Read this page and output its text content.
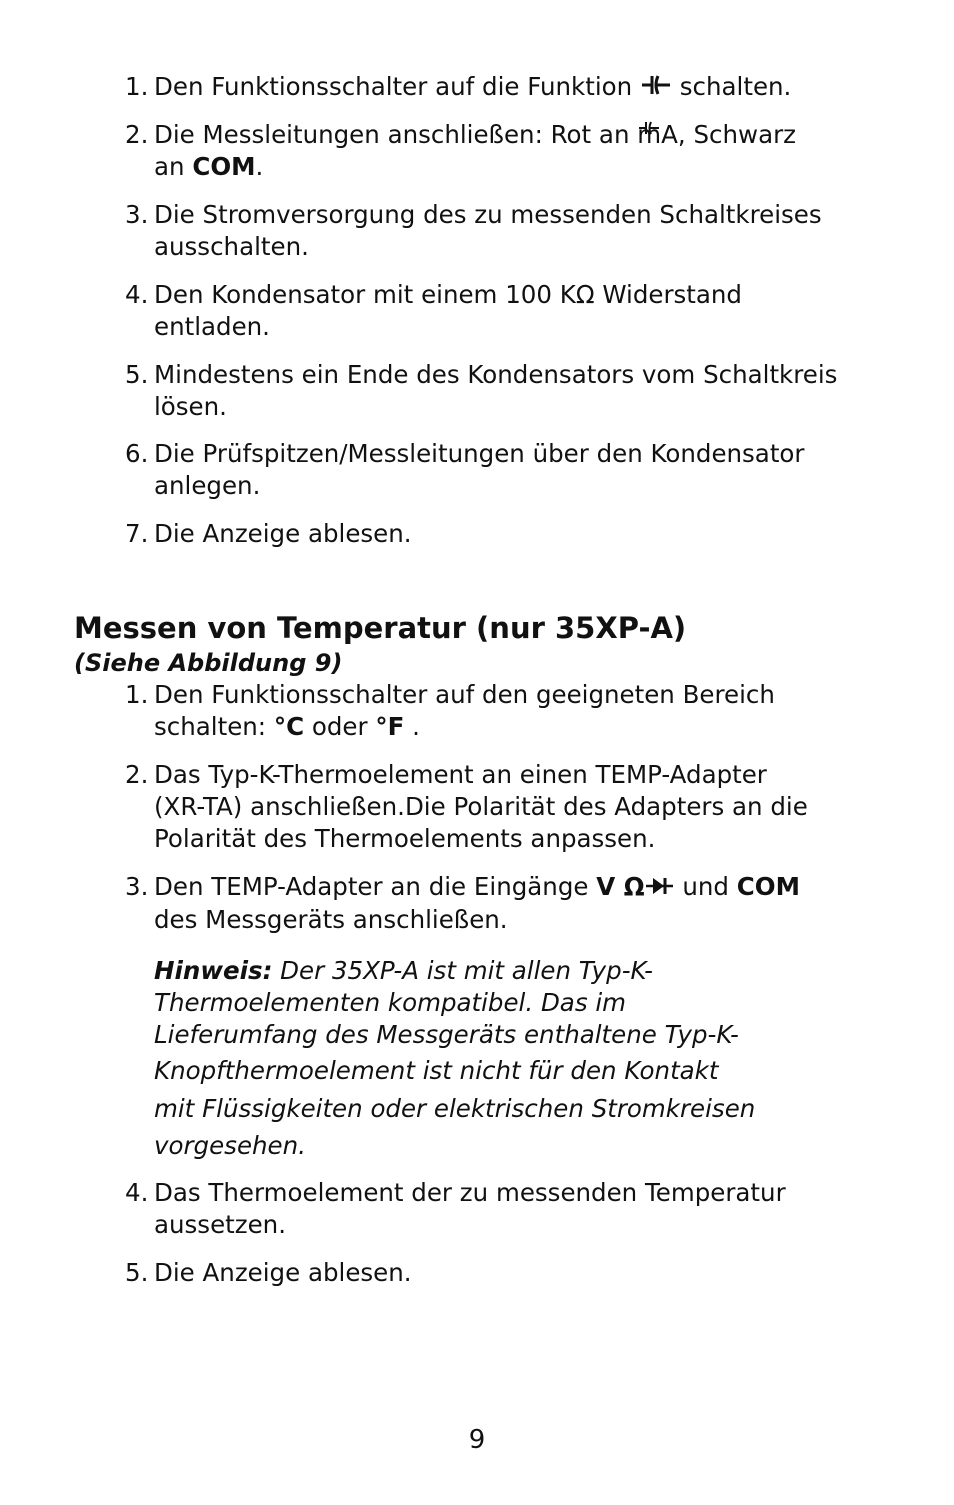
1. Den Funktionsschalter auf die Funktion schalten.
2. Die Messleitungen anschließen: Rot an mA, Schwarz
an COM.
3. Die Stromversorgung des zu messenden Schaltkreises
ausschalten.
4. Den Kondensator mit einem 100 KΩ Widerstand
entladen.
5. Mindestens ein Ende des Kondensators vom Schaltkreis
lösen.
6. Die Prüfspitzen/Messleitungen über den Kondensator
anlegen.
7. Die Anzeige ablesen.
Messen von Temperatur (nur 35XP-A)
(Siehe Abbildung 9)
1. Den Funktionsschalter auf den geeigneten Bereich
schalten: °C oder °F .
2. Das Typ-K-Thermoelement an einen TEMP-Adapter
(XR-TA) anschließen.Die Polarität des Adapters an die
Polarität des Thermoelements anpassen.
3. Den TEMP-Adapter an die Eingänge V Ω und COM
des Messgeräts anschließen.
Hinweis: Der 35XP-A ist mit allen Typ-K-
Thermoelementen kompatibel. Das im
Lieferumfang des Messgeräts enthaltene Typ-K-
Knopfthermoelement ist nicht für den Kontakt
mit Flüssigkeiten oder elektrischen Stromkreisen
vorgesehen.
4. Das Thermoelement der zu messenden Temperatur
aussetzen.
5. Die Anzeige ablesen.
9
